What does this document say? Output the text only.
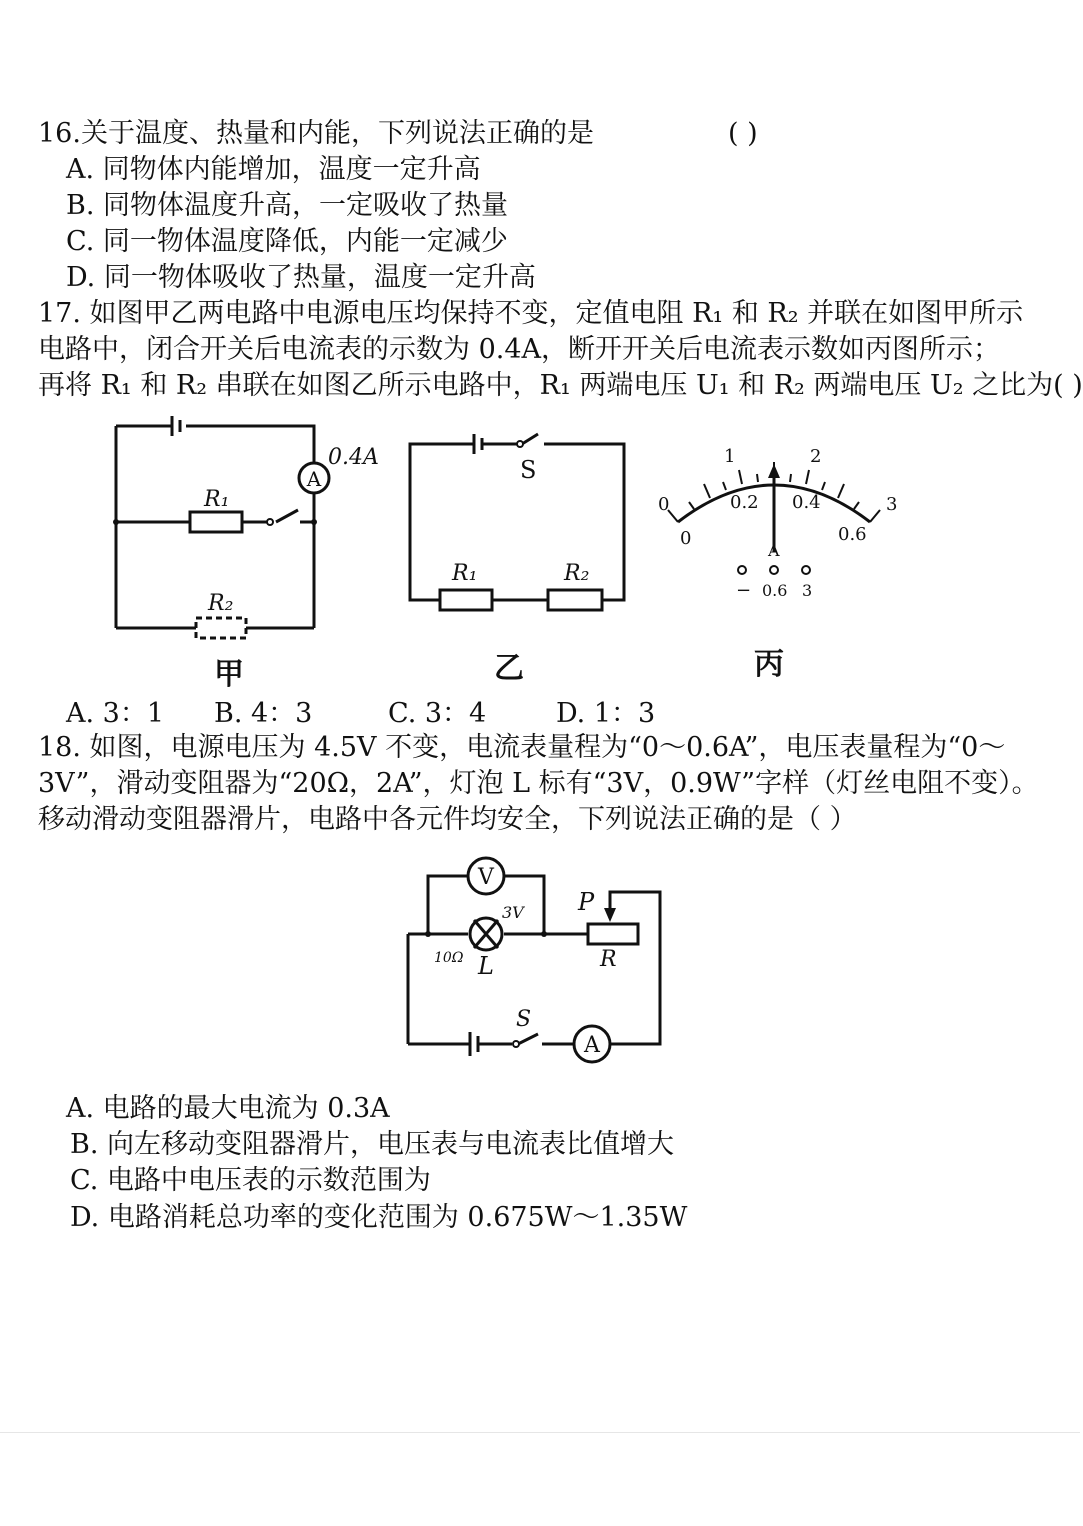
16.关于温度、热量和内能，下列说法正确的是	( )
A. 同物体内能增加，温度一定升高
B. 同物体温度升高，一定吸收了热量
C. 同一物体温度降低，内能一定减少
D. 同一物体吸收了热量，温度一定升高
17. 如图甲乙两电路中电源电压均保持不变，定值电阻 R₁ 和 R₂ 并联在如图甲所示
电路中，闭合开关后电流表的示数为 0.4A，断开开关后电流表示数如丙图所示；
再将 R₁ 和 R₂ 串联在如图乙所示电路中，R₁ 两端电压 U₁ 和 R₂ 两端电压 U₂ 之比为( )
A
0.4A
R₁
R₂
甲
S
R₁	R₂
乙
0
1	2
3
0
0.2 0.4
0.6
A
− 0.6 3
丙
A. 3：1 B. 4：3	C. 3：4	D. 1：3
18. 如图，电源电压为 4.5V 不变，电流表量程为“0～0.6A”，电压表量程为“0～
3V”，滑动变阻器为“20Ω，2A”，灯泡 L 标有“3V，0.9W”字样（灯丝电阻不变）。
移动滑动变阻器滑片，电路中各元件均安全，下列说法正确的是（ ）
V
A
L	R
P
S
3V
10Ω
A. 电路的最大电流为 0.3A
B. 向左移动变阻器滑片，电压表与电流表比值增大
C. 电路中电压表的示数范围为
D. 电路消耗总功率的变化范围为 0.675W～1.35W
